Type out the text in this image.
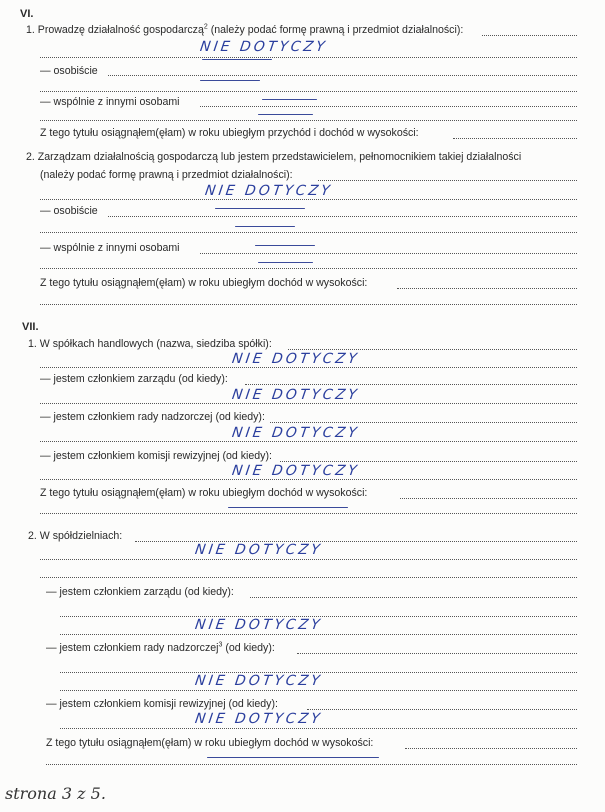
VI.
1. Prowadzę działalność gospodarczą$^2$ (należy podać formę prawną i przedmiot działalności):
NIE DOTYCZY
— osobiście
— wspólnie z innymi osobami
Z tego tytułu osiągnąłem(ęłam) w roku ubiegłym przychód i dochód w wysokości:
2. Zarządzam działalnością gospodarczą lub jestem przedstawicielem, pełnomocnikiem takiej działalności
(należy podać formę prawną i przedmiot działalności):
NIE DOTYCZY
— osobiście
— wspólnie z innymi osobami
Z tego tytułu osiągnąłem(ęłam) w roku ubiegłym dochód w wysokości:
VII.
1. W spółkach handlowych (nazwa, siedziba spółki):
NIE DOTYCZY
— jestem członkiem zarządu (od kiedy):
NIE DOTYCZY
— jestem członkiem rady nadzorczej (od kiedy):
NIE DOTYCZY
— jestem członkiem komisji rewizyjnej (od kiedy):
NIE DOTYCZY
Z tego tytułu osiągnąłem(ęłam) w roku ubiegłym dochód w wysokości:
2. W spółdzielniach:
NIE DOTYCZY
— jestem członkiem zarządu (od kiedy):
NIE DOTYCZY
— jestem członkiem rady nadzorczej$^3$ (od kiedy):
NIE DOTYCZY
— jestem członkiem komisji rewizyjnej (od kiedy):
NIE DOTYCZY
Z tego tytułu osiągnąłem(ęłam) w roku ubiegłym dochód w wysokości:
strona 3 z 5.
